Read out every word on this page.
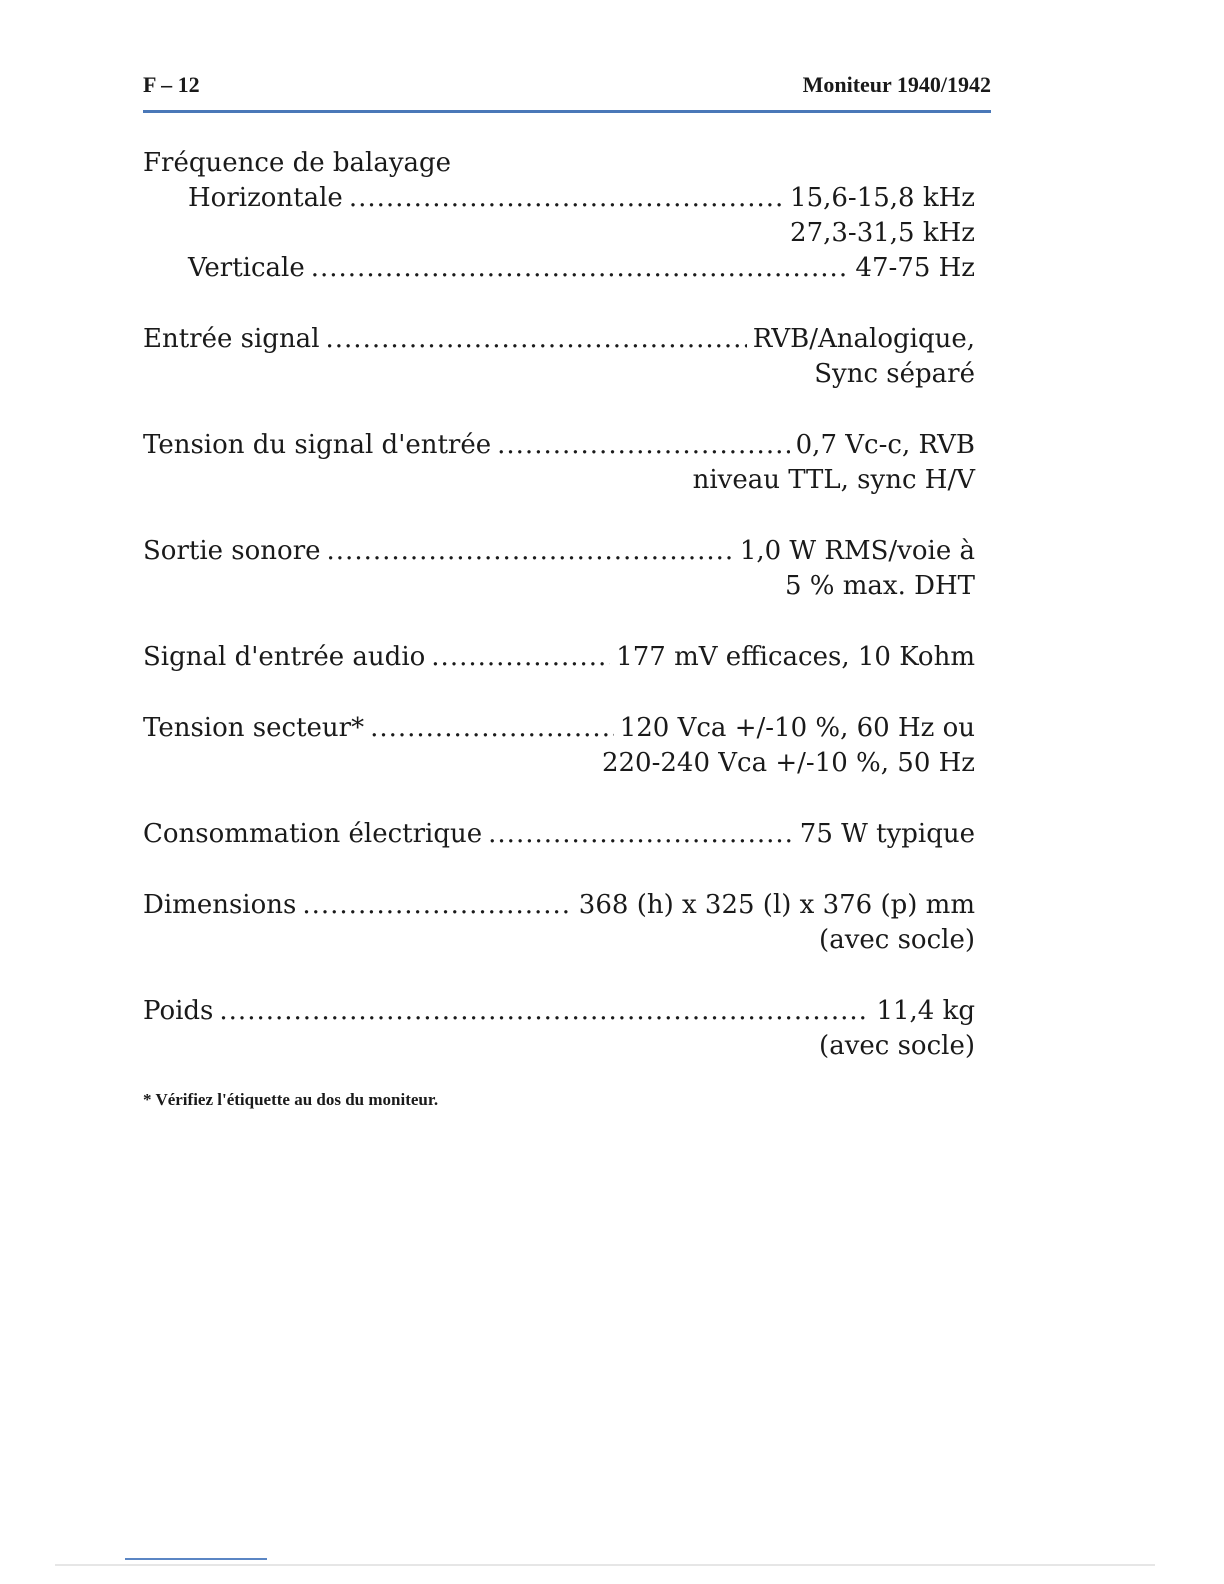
F – 12	Moniteur 1940/1942
Fréquence de balayage
Horizontale .....	15,6-15,8 kHz
27,3-31,5 kHz
Verticale .....	47-75 Hz
Entrée signal .....	RVB/Analogique,
Sync séparé
Tension du signal d'entrée .....	0,7 Vc-c, RVB
niveau TTL, sync H/V
Sortie sonore .....	1,0 W RMS/voie à
5 % max. DHT
Signal d'entrée audio .....	177 mV efficaces, 10 Kohm
Tension secteur* .....	120 Vca +/-10 %, 60 Hz ou
220-240 Vca +/-10 %, 50 Hz
Consommation électrique .....	75 W typique
Dimensions .....	368 (h) x 325 (l) x 376 (p) mm
(avec socle)
Poids .....	11,4 kg
(avec socle)
* Vérifiez l'étiquette au dos du moniteur.
